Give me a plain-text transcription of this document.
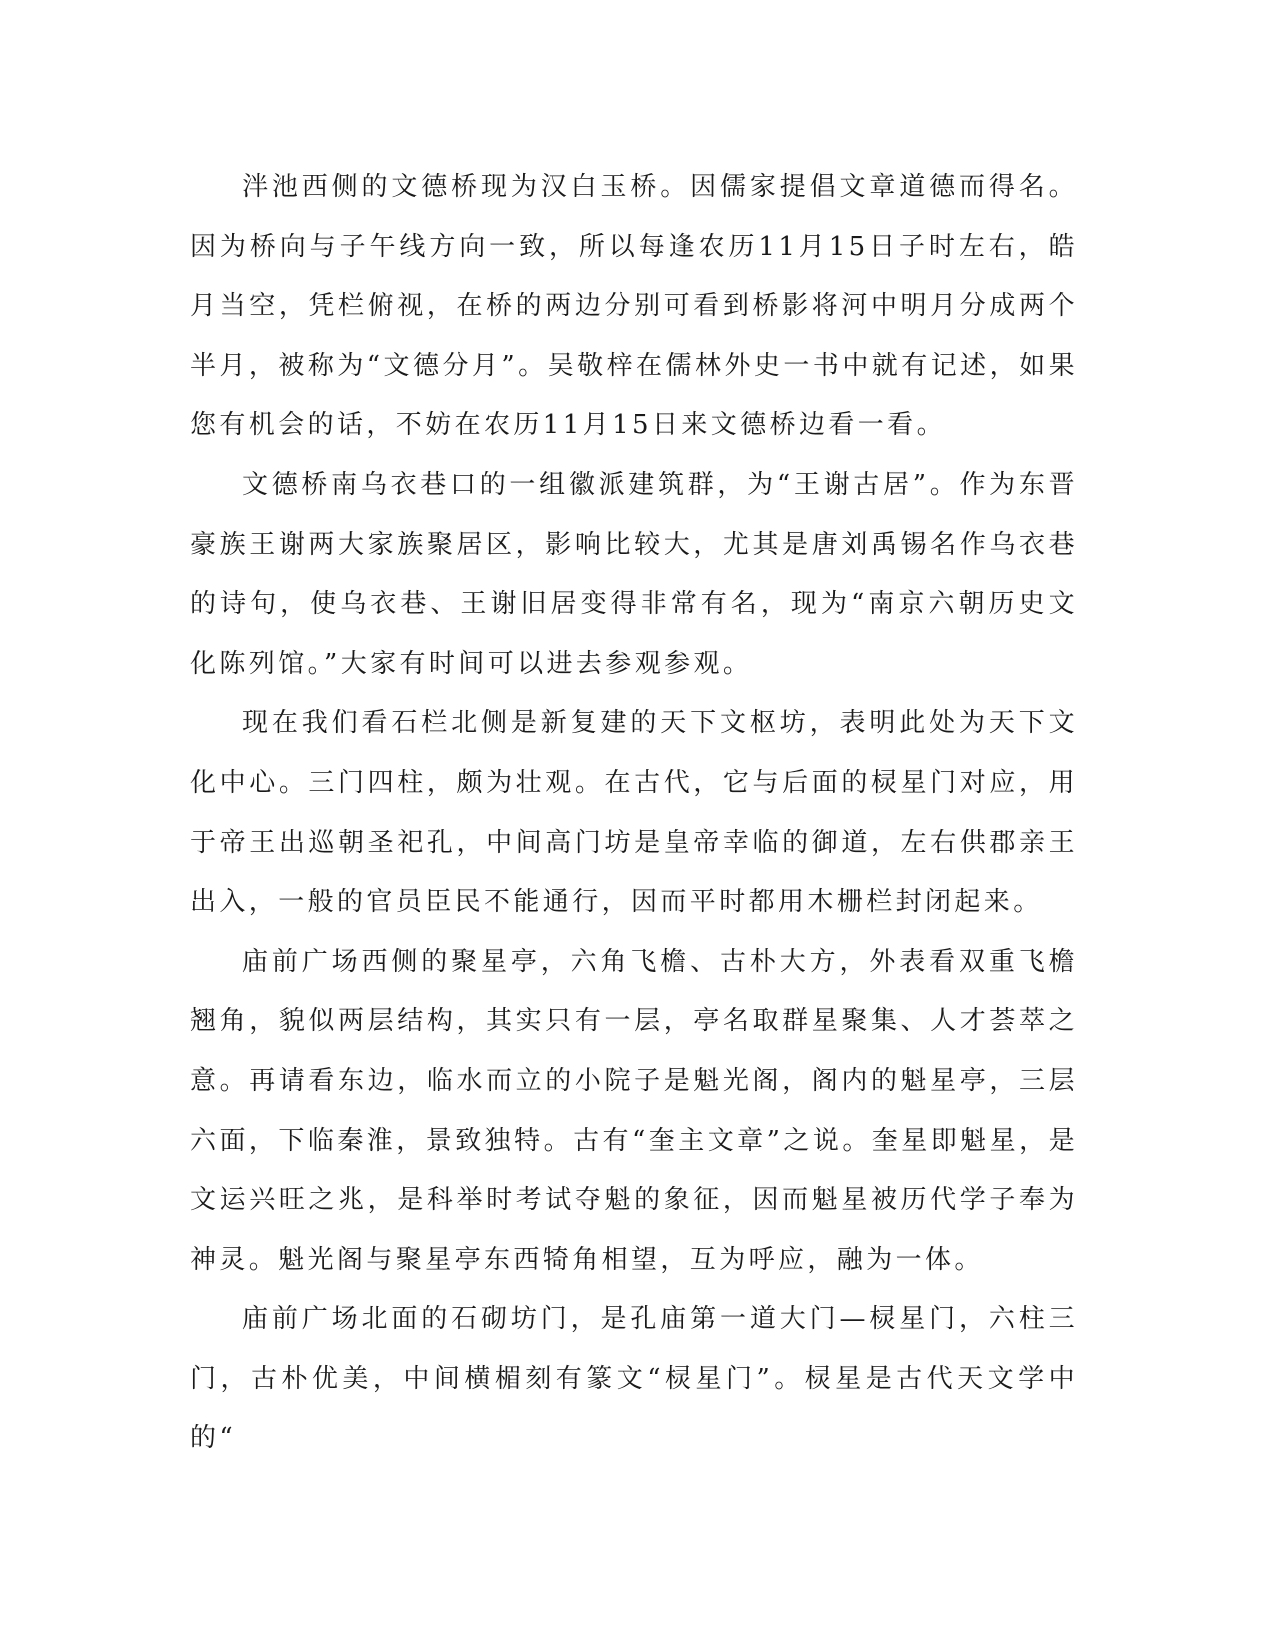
泮池西侧的文德桥现为汉白玉桥。因儒家提倡文章道德而得名。因为桥向与子午线方向一致，所以每逢农历11月15日子时左右，皓月当空，凭栏俯视，在桥的两边分别可看到桥影将河中明月分成两个半月，被称为“文德分月”。吴敬梓在儒林外史一书中就有记述，如果您有机会的话，不妨在农历11月15日来文德桥边看一看。

文德桥南乌衣巷口的一组徽派建筑群，为“王谢古居”。作为东晋豪族王谢两大家族聚居区，影响比较大，尤其是唐刘禹锡名作乌衣巷的诗句，使乌衣巷、王谢旧居变得非常有名，现为“南京六朝历史文化陈列馆。”大家有时间可以进去参观参观。

现在我们看石栏北侧是新复建的天下文枢坊，表明此处为天下文化中心。三门四柱，颇为壮观。在古代，它与后面的棂星门对应，用于帝王出巡朝圣祀孔，中间高门坊是皇帝幸临的御道，左右供郡亲王出入，一般的官员臣民不能通行，因而平时都用木栅栏封闭起来。

庙前广场西侧的聚星亭，六角飞檐、古朴大方，外表看双重飞檐翘角，貌似两层结构，其实只有一层，亭名取群星聚集、人才荟萃之意。再请看东边，临水而立的小院子是魁光阁，阁内的魁星亭，三层六面，下临秦淮，景致独特。古有“奎主文章”之说。奎星即魁星，是文运兴旺之兆，是科举时考试夺魁的象征，因而魁星被历代学子奉为神灵。魁光阁与聚星亭东西犄角相望，互为呼应，融为一体。

庙前广场北面的石砌坊门，是孔庙第一道大门—棂星门，六柱三门，古朴优美，中间横楣刻有篆文“棂星门”。棂星是古代天文学中的“
